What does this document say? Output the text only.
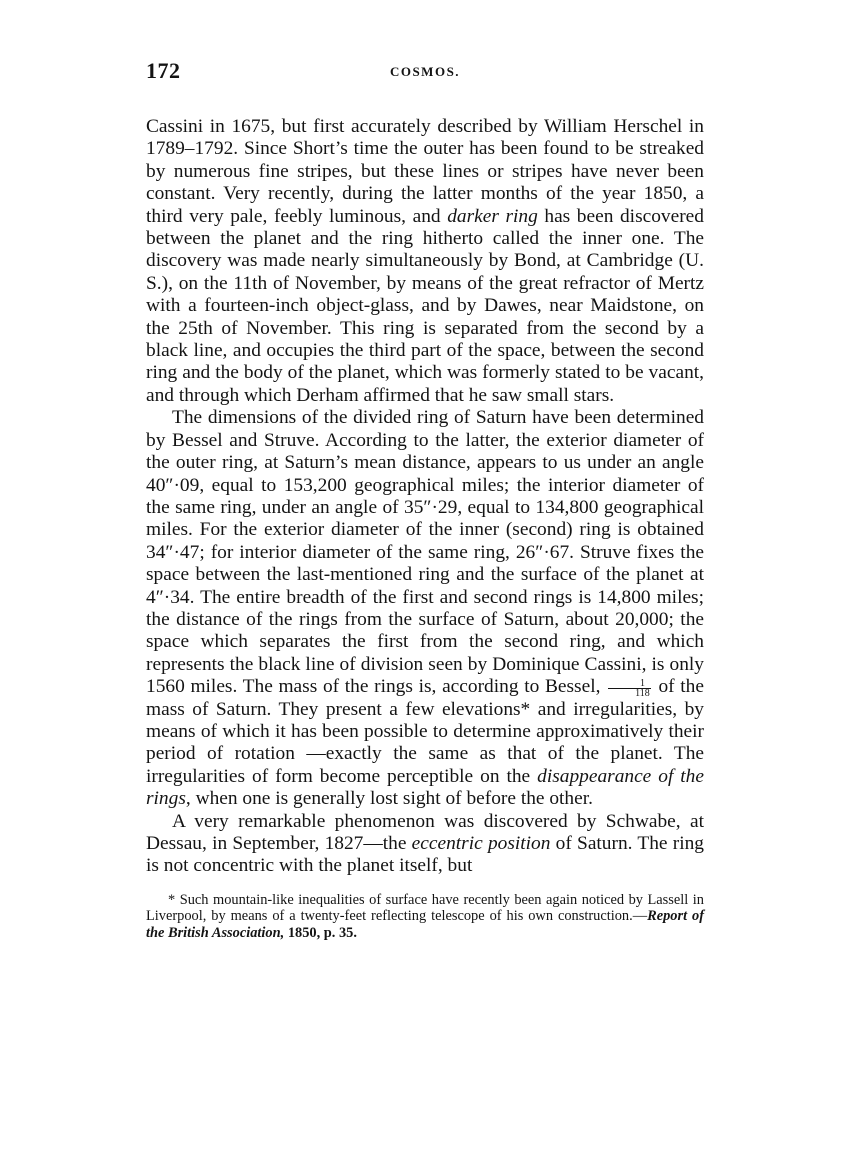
172	COSMOS.

Cassini in 1675, but first accurately described by William Herschel in 1789–1792. Since Short’s time the outer has been found to be streaked by numerous fine stripes, but these lines or stripes have never been constant. Very recently, during the latter months of the year 1850, a third very pale, feebly luminous, and darker ring has been discovered between the planet and the ring hitherto called the inner one. The discovery was made nearly simultaneously by Bond, at Cambridge (U. S.), on the 11th of November, by means of the great refractor of Mertz with a fourteen-inch object-glass, and by Dawes, near Maidstone, on the 25th of November. This ring is separated from the second by a black line, and occupies the third part of the space, between the second ring and the body of the planet, which was formerly stated to be vacant, and through which Derham affirmed that he saw small stars.

The dimensions of the divided ring of Saturn have been determined by Bessel and Struve. According to the latter, the exterior diameter of the outer ring, at Saturn’s mean distance, appears to us under an angle 40″·09, equal to 153,200 geographical miles; the interior diameter of the same ring, under an angle of 35″·29, equal to 134,800 geographical miles. For the exterior diameter of the inner (second) ring is obtained 34″·47; for interior diameter of the same ring, 26″·67. Struve fixes the space between the last-mentioned ring and the surface of the planet at 4″·34. The entire breadth of the first and second rings is 14,800 miles; the distance of the rings from the surface of Saturn, about 20,000; the space which separates the first from the second ring, and which represents the black line of division seen by Dominique Cassini, is only 1560 miles. The mass of the rings is, according to Bessel, $\frac{1}{118}$ of the mass of Saturn. They present a few elevations* and irregularities, by means of which it has been possible to determine approximatively their period of rotation —exactly the same as that of the planet. The irregularities of form become perceptible on the disappearance of the rings, when one is generally lost sight of before the other.

A very remarkable phenomenon was discovered by Schwabe, at Dessau, in September, 1827—the eccentric position of Saturn. The ring is not concentric with the planet itself, but

* Such mountain-like inequalities of surface have recently been again noticed by Lassell in Liverpool, by means of a twenty-feet reflecting telescope of his own construction.—Report of the British Association, 1850, p. 35.
